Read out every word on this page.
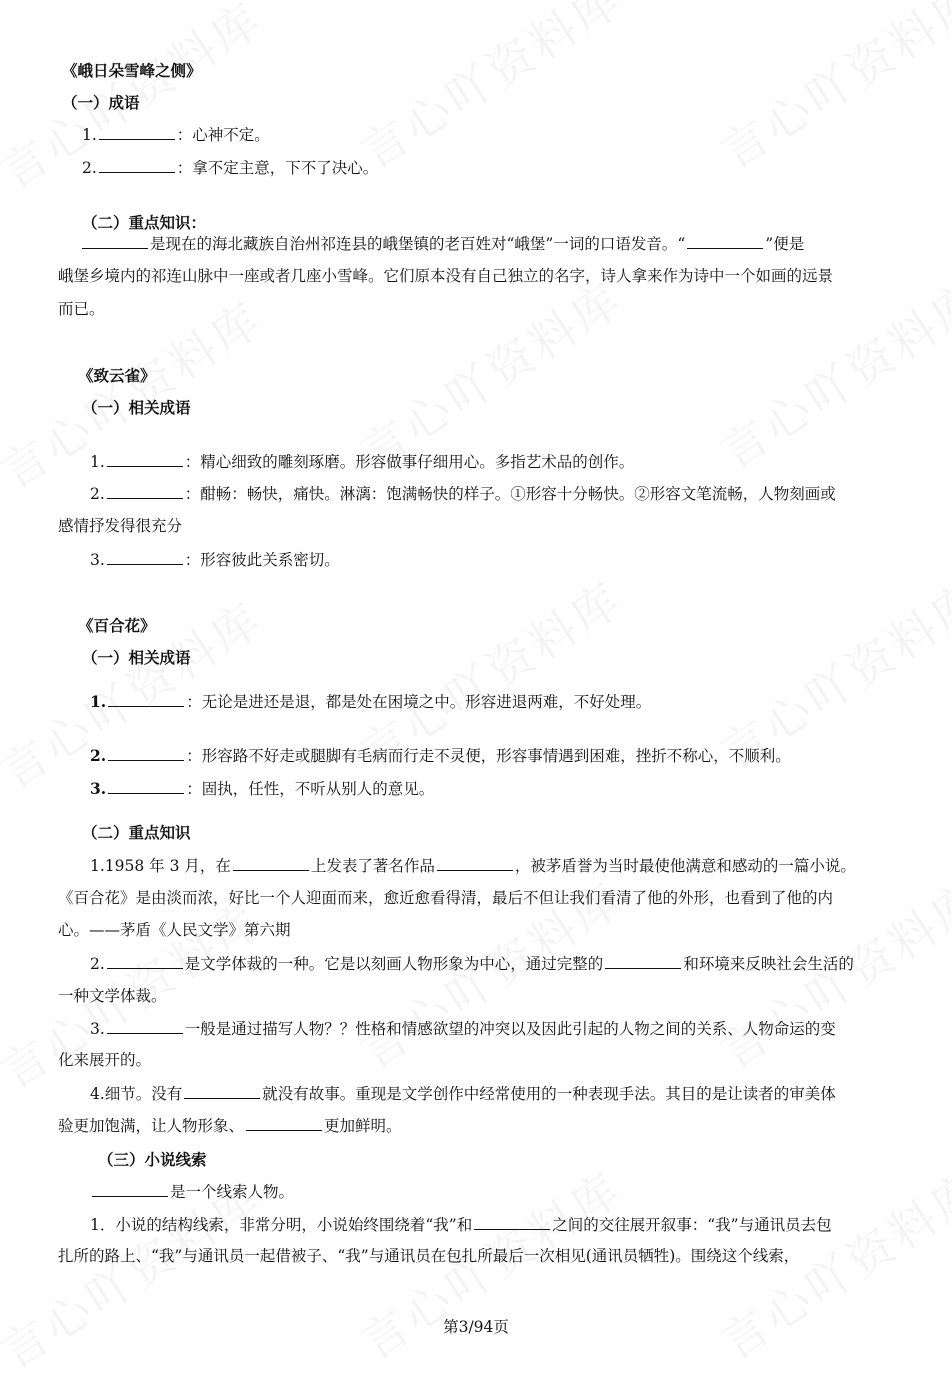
《峨日朵雪峰之侧》
（一）成语
1.	：心神不定。
2.	：拿不定主意，下不了决心。
（二）重点知识：
是现在的海北藏族自治州祁连县的峨堡镇的老百姓对“峨堡”一词的口语发音。“	”便是
峨堡乡境内的祁连山脉中一座或者几座小雪峰。它们原本没有自己独立的名字，诗人拿来作为诗中一个如画的远景
而已。
《致云雀》
（一）相关成语
1.	：精心细致的雕刻琢磨。形容做事仔细用心。多指艺术品的创作。
2.	：酣畅：畅快，痛快。淋漓：饱满畅快的样子。①形容十分畅快。②形容文笔流畅，人物刻画或
感情抒发得很充分
3.	：形容彼此关系密切。
《百合花》
（一）相关成语
1.	：无论是进还是退，都是处在困境之中。形容进退两难，不好处理。
2.	：形容路不好走或腿脚有毛病而行走不灵便，形容事情遇到困难，挫折不称心，不顺利。
3.	：固执，任性，不听从别人的意见。
（二）重点知识
1.1958 年 3 月，在	上发表了著名作品	，被茅盾誉为当时最使他满意和感动的一篇小说。
《百合花》是由淡而浓，好比一个人迎面而来，愈近愈看得清，最后不但让我们看清了他的外形，也看到了他的内
心。——茅盾《人民文学》第六期
2.	是文学体裁的一种。它是以刻画人物形象为中心，通过完整的	和环境来反映社会生活的
一种文学体裁。
3.	一般是通过描写人物？？性格和情感欲望的冲突以及因此引起的人物之间的关系、人物命运的变
化来展开的。
4.细节。没有	就没有故事。重现是文学创作中经常使用的一种表现手法。其目的是让读者的审美体
验更加饱满，让人物形象、	更加鲜明。
（三）小说线索
是一个线索人物。
1．小说的结构线索，非常分明，小说始终围绕着“我”和	之间的交往展开叙事：“我”与通讯员去包
扎所的路上、“我”与通讯员一起借被子、“我”与通讯员在包扎所最后一次相见(通讯员牺牲)。围绕这个线索，
第3/94页
